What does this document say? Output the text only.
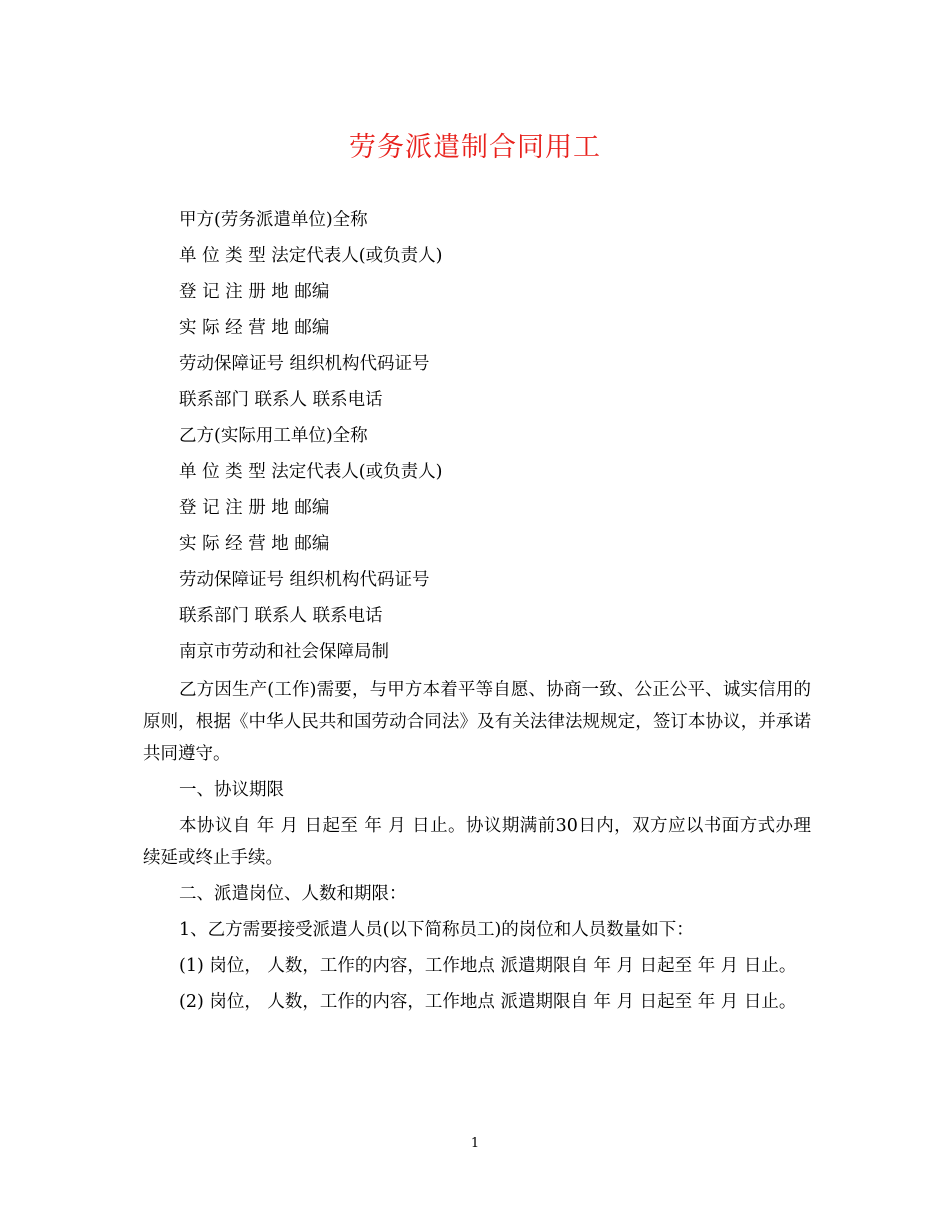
劳务派遣制合同用工

甲方(劳务派遣单位)全称

单 位 类 型 法定代表人(或负责人)

登 记 注 册 地 邮编

实 际 经 营 地 邮编

劳动保障证号 组织机构代码证号

联系部门 联系人 联系电话

乙方(实际用工单位)全称

单 位 类 型 法定代表人(或负责人)

登 记 注 册 地 邮编

实 际 经 营 地 邮编

劳动保障证号 组织机构代码证号

联系部门 联系人 联系电话

南京市劳动和社会保障局制

乙方因生产(工作)需要，与甲方本着平等自愿、协商一致、公正公平、诚实信用的原则，根据《中华人民共和国劳动合同法》及有关法律法规规定，签订本协议，并承诺共同遵守。

一、协议期限

本协议自 年 月 日起至 年 月 日止。协议期满前30日内，双方应以书面方式办理续延或终止手续。

二、派遣岗位、人数和期限：

1、乙方需要接受派遣人员(以下简称员工)的岗位和人员数量如下：

(1) 岗位， 人数，工作的内容，工作地点 派遣期限自 年 月 日起至 年 月 日止。

(2) 岗位， 人数，工作的内容，工作地点 派遣期限自 年 月 日起至 年 月 日止。

1
